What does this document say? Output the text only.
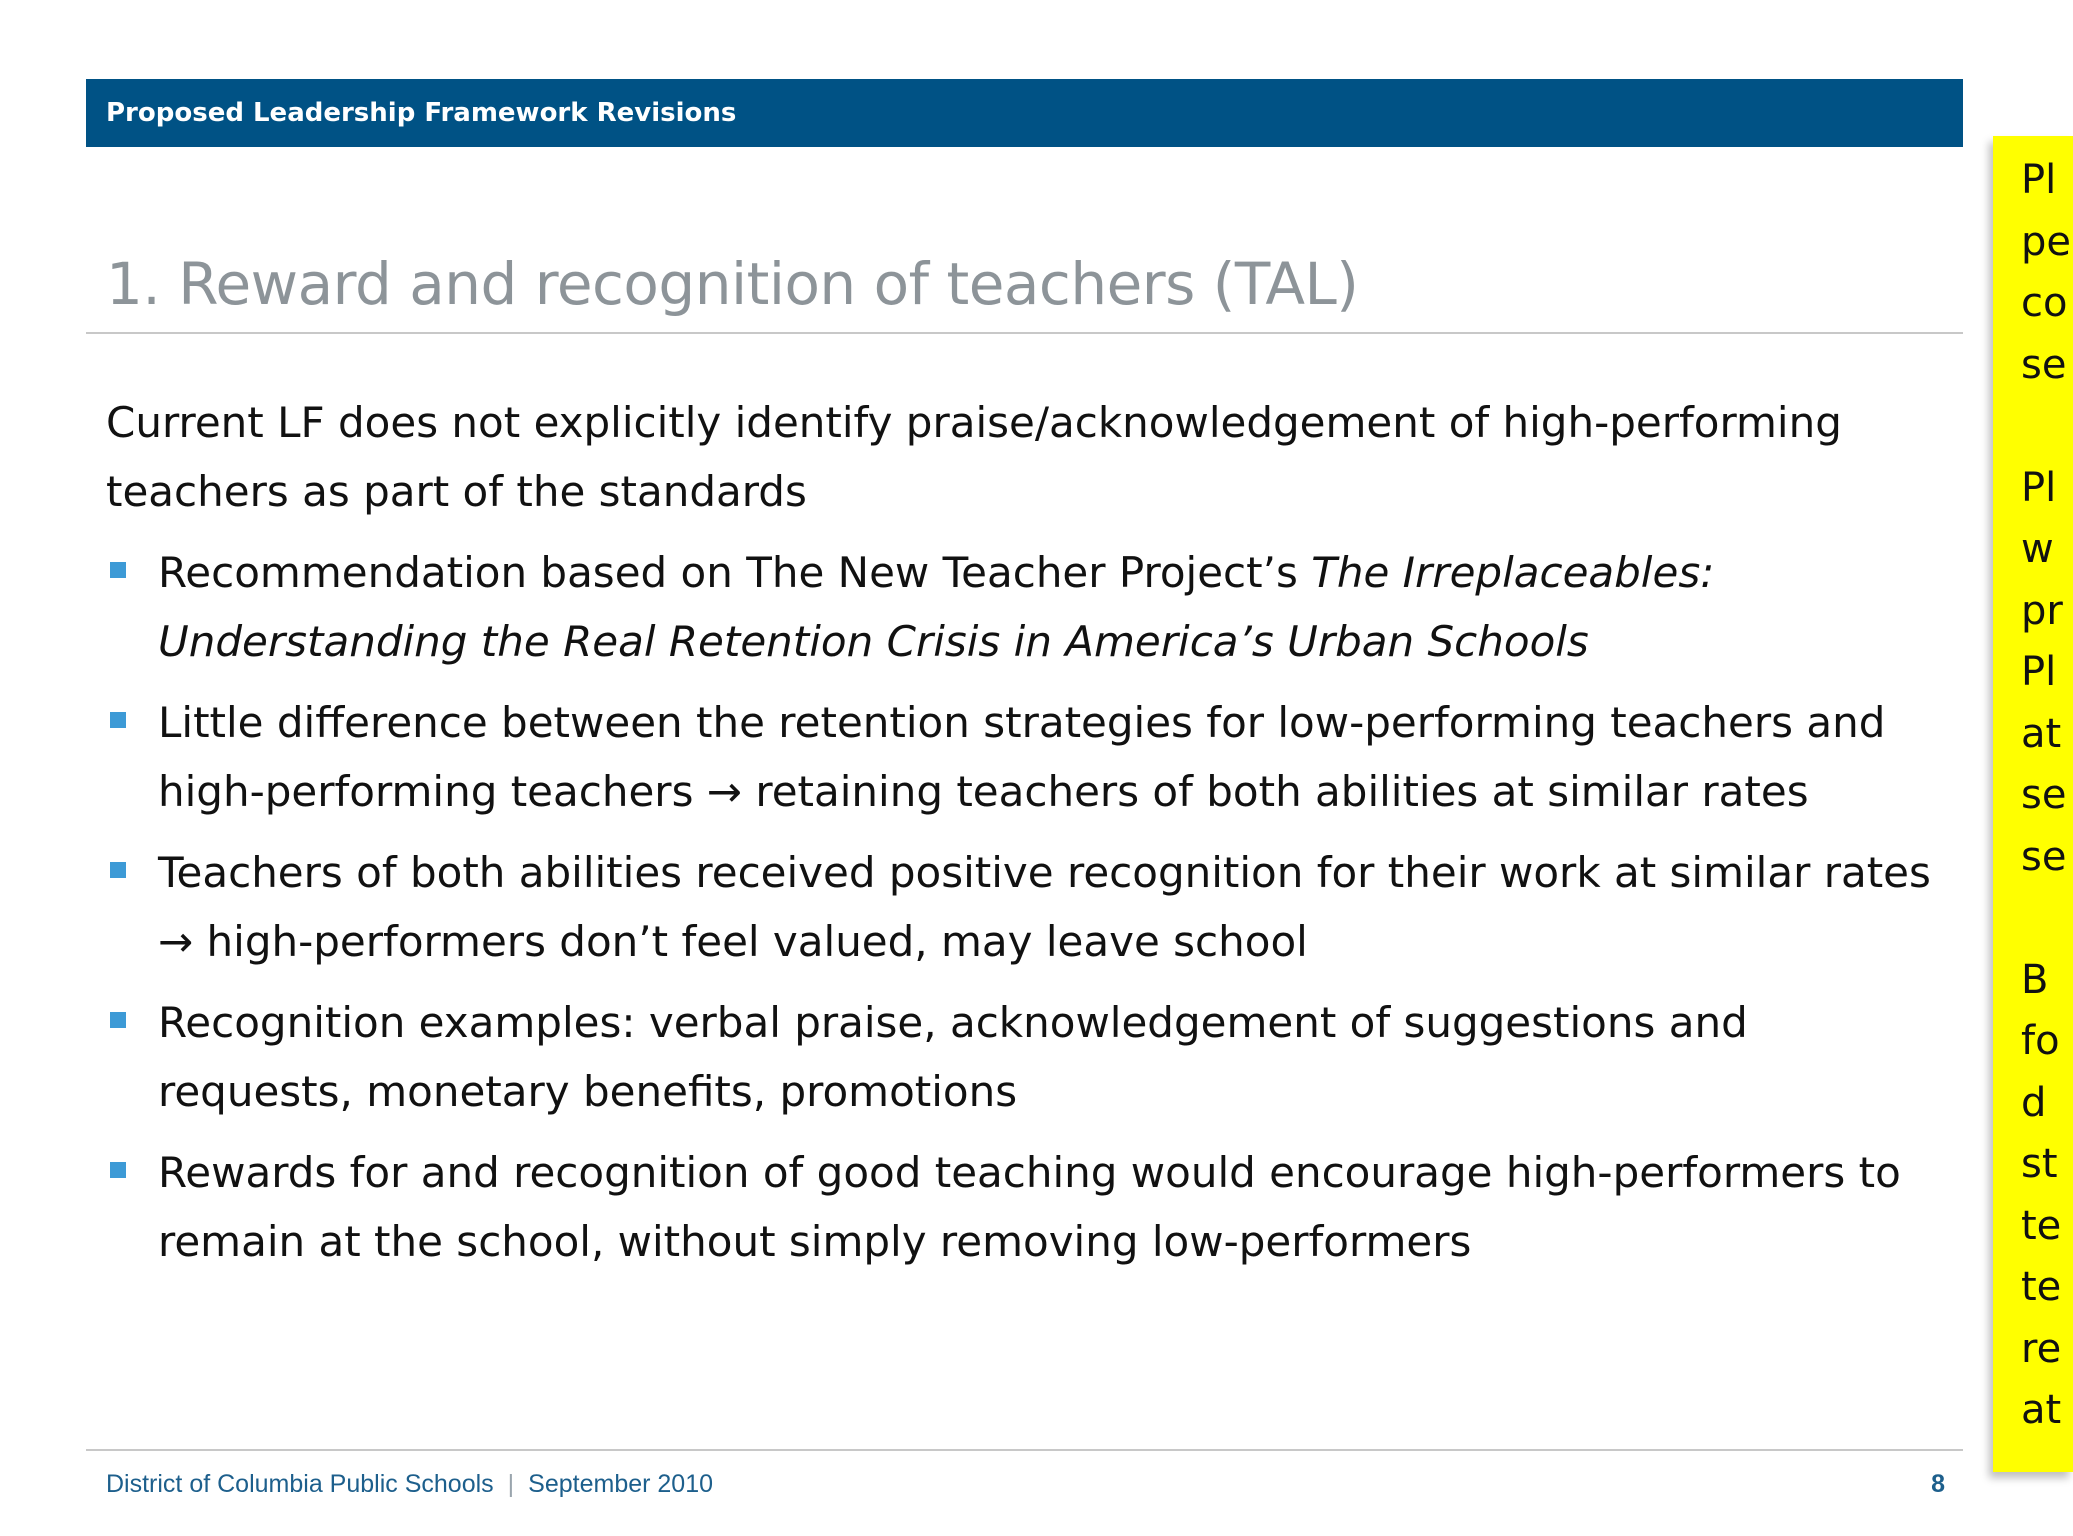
Proposed Leadership Framework Revisions
1. Reward and recognition of teachers (TAL)

Current LF does not explicitly identify praise/acknowledgement of high-performing teachers as part of the standards

Recommendation based on The New Teacher Project’s The Irreplaceables: Understanding the Real Retention Crisis in America’s Urban Schools
Little difference between the retention strategies for low-performing teachers and high-performing teachers → retaining teachers of both abilities at similar rates
Teachers of both abilities received positive recognition for their work at similar rates → high-performers don’t feel valued, may leave school
Recognition examples: verbal praise, acknowledgement of suggestions and requests, monetary benefits, promotions
Rewards for and recognition of good teaching would encourage high-performers to remain at the school, without simply removing low-performers
District of Columbia Public Schools | September 2010	8
Pl
pe
co
se

Pl
w
pr
Pl
at
se
se

B
fo
d
st
te
te
re
at
